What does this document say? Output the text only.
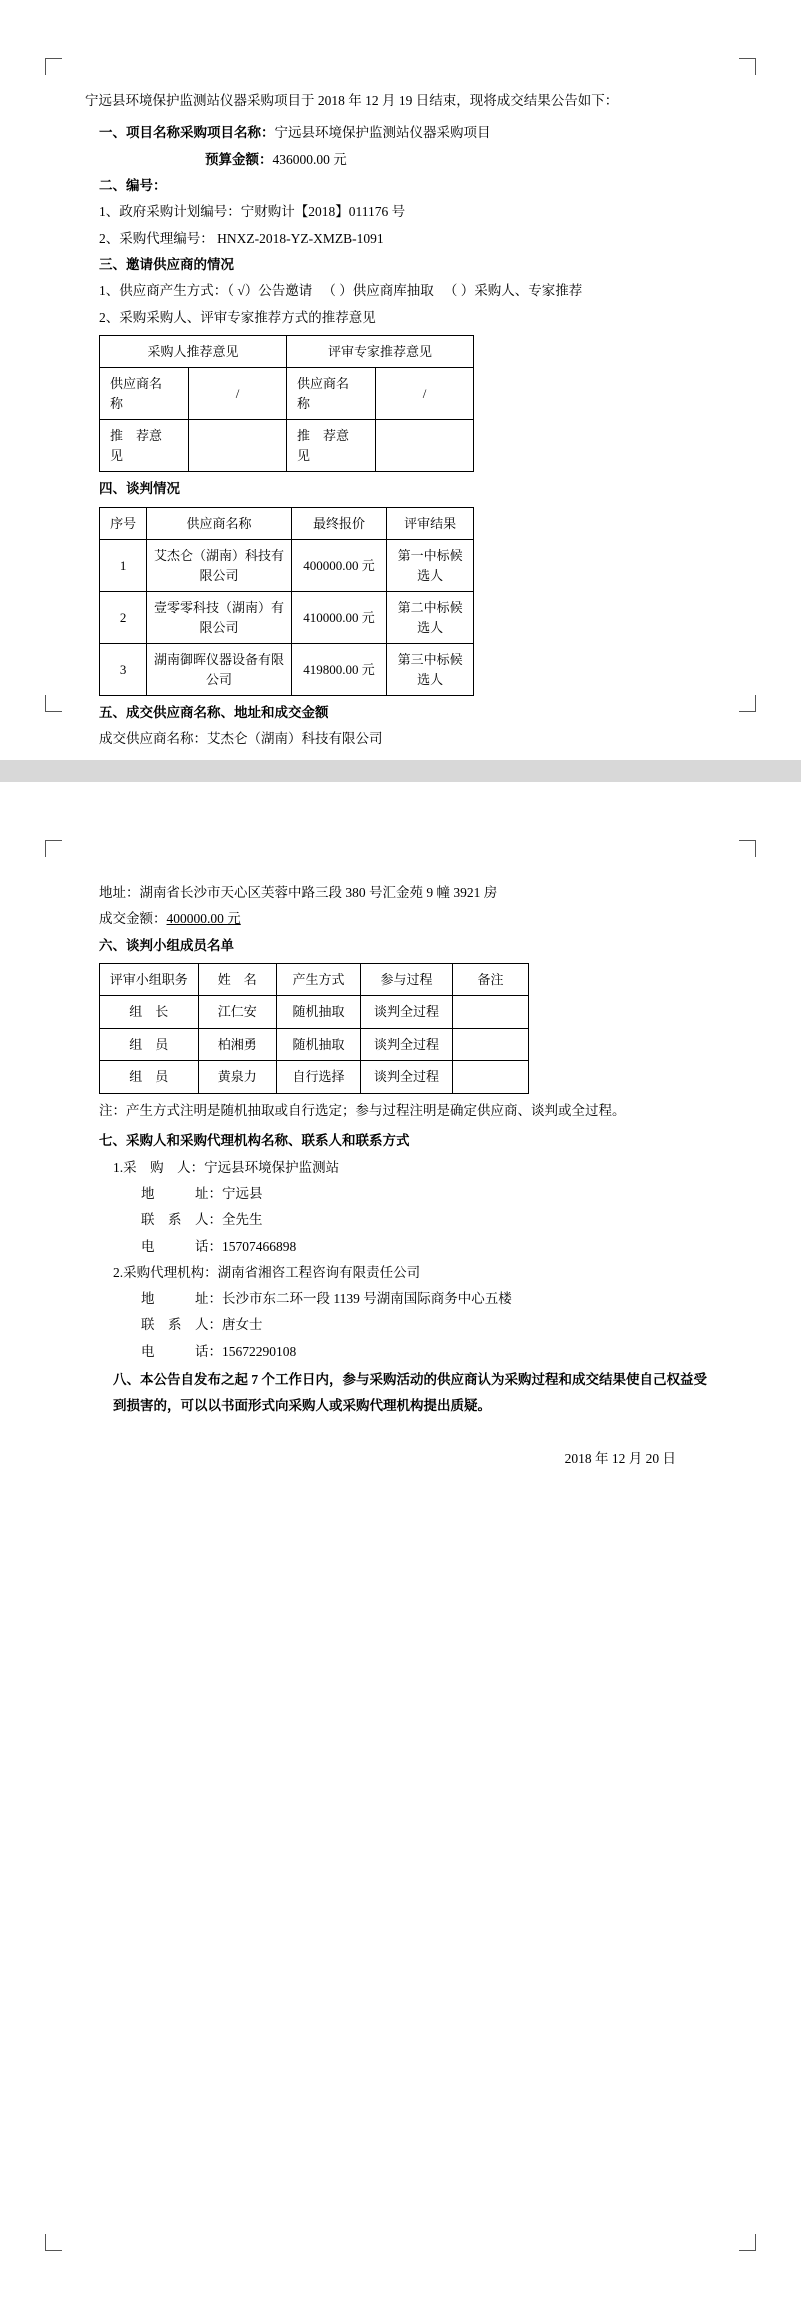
宁远县环境保护监测站仪器采购项目于 2018 年 12 月 19 日结束，现将成交结果公告如下：

一、项目名称采购项目名称：宁远县环境保护监测站仪器采购项目

预算金额：436000.00 元

二、编号：

1、政府采购计划编号：宁财购计【2018】011176 号

2、采购代理编号： HNXZ-2018-YZ-XMZB-1091

三、邀请供应商的情况

1、供应商产生方式：（ √）公告邀请 　（ ）供应商库抽取 　（ ）采购人、专家推荐

2、采购采购人、评审专家推荐方式的推荐意见

采购人推荐意见		评审专家推荐意见	
供应商名　称	/	供应商名　称	/
推　荐意　见		推　荐意　见	

四、谈判情况

序号	供应商名称	最终报价	评审结果
1	艾杰仑（湖南）科技有限公司	400000.00 元	第一中标候选人
2	壹零零科技（湖南）有限公司	410000.00 元	第二中标候选人
3	湖南御晖仪器设备有限公司	419800.00 元	第三中标候选人

五、成交供应商名称、地址和成交金额

成交供应商名称：艾杰仑（湖南）科技有限公司

地址：湖南省长沙市天心区芙蓉中路三段 380 号汇金苑 9 幢 3921 房

成交金额：400000.00 元

六、谈判小组成员名单

评审小组职务	姓　名	产生方式	参与过程	备注
组　长	江仁安	随机抽取	谈判全过程	
组　员	柏湘勇	随机抽取	谈判全过程	
组　员	黄泉力	自行选择	谈判全过程	

注：产生方式注明是随机抽取或自行选定；参与过程注明是确定供应商、谈判或全过程。

七、采购人和采购代理机构名称、联系人和联系方式

1.采　购　人：宁远县环境保护监测站

地　　　址：宁远县

联　系　人：全先生

电　　　话：15707466898

2.采购代理机构：湖南省湘咨工程咨询有限责任公司

地　　　址：长沙市东二环一段 1139 号湖南国际商务中心五楼

联　系　人：唐女士

电　　　话：15672290108

八、本公告自发布之起 7 个工作日内，参与采购活动的供应商认为采购过程和成交结果使自己权益受到损害的，可以以书面形式向采购人或采购代理机构提出质疑。

2018 年 12 月 20 日
